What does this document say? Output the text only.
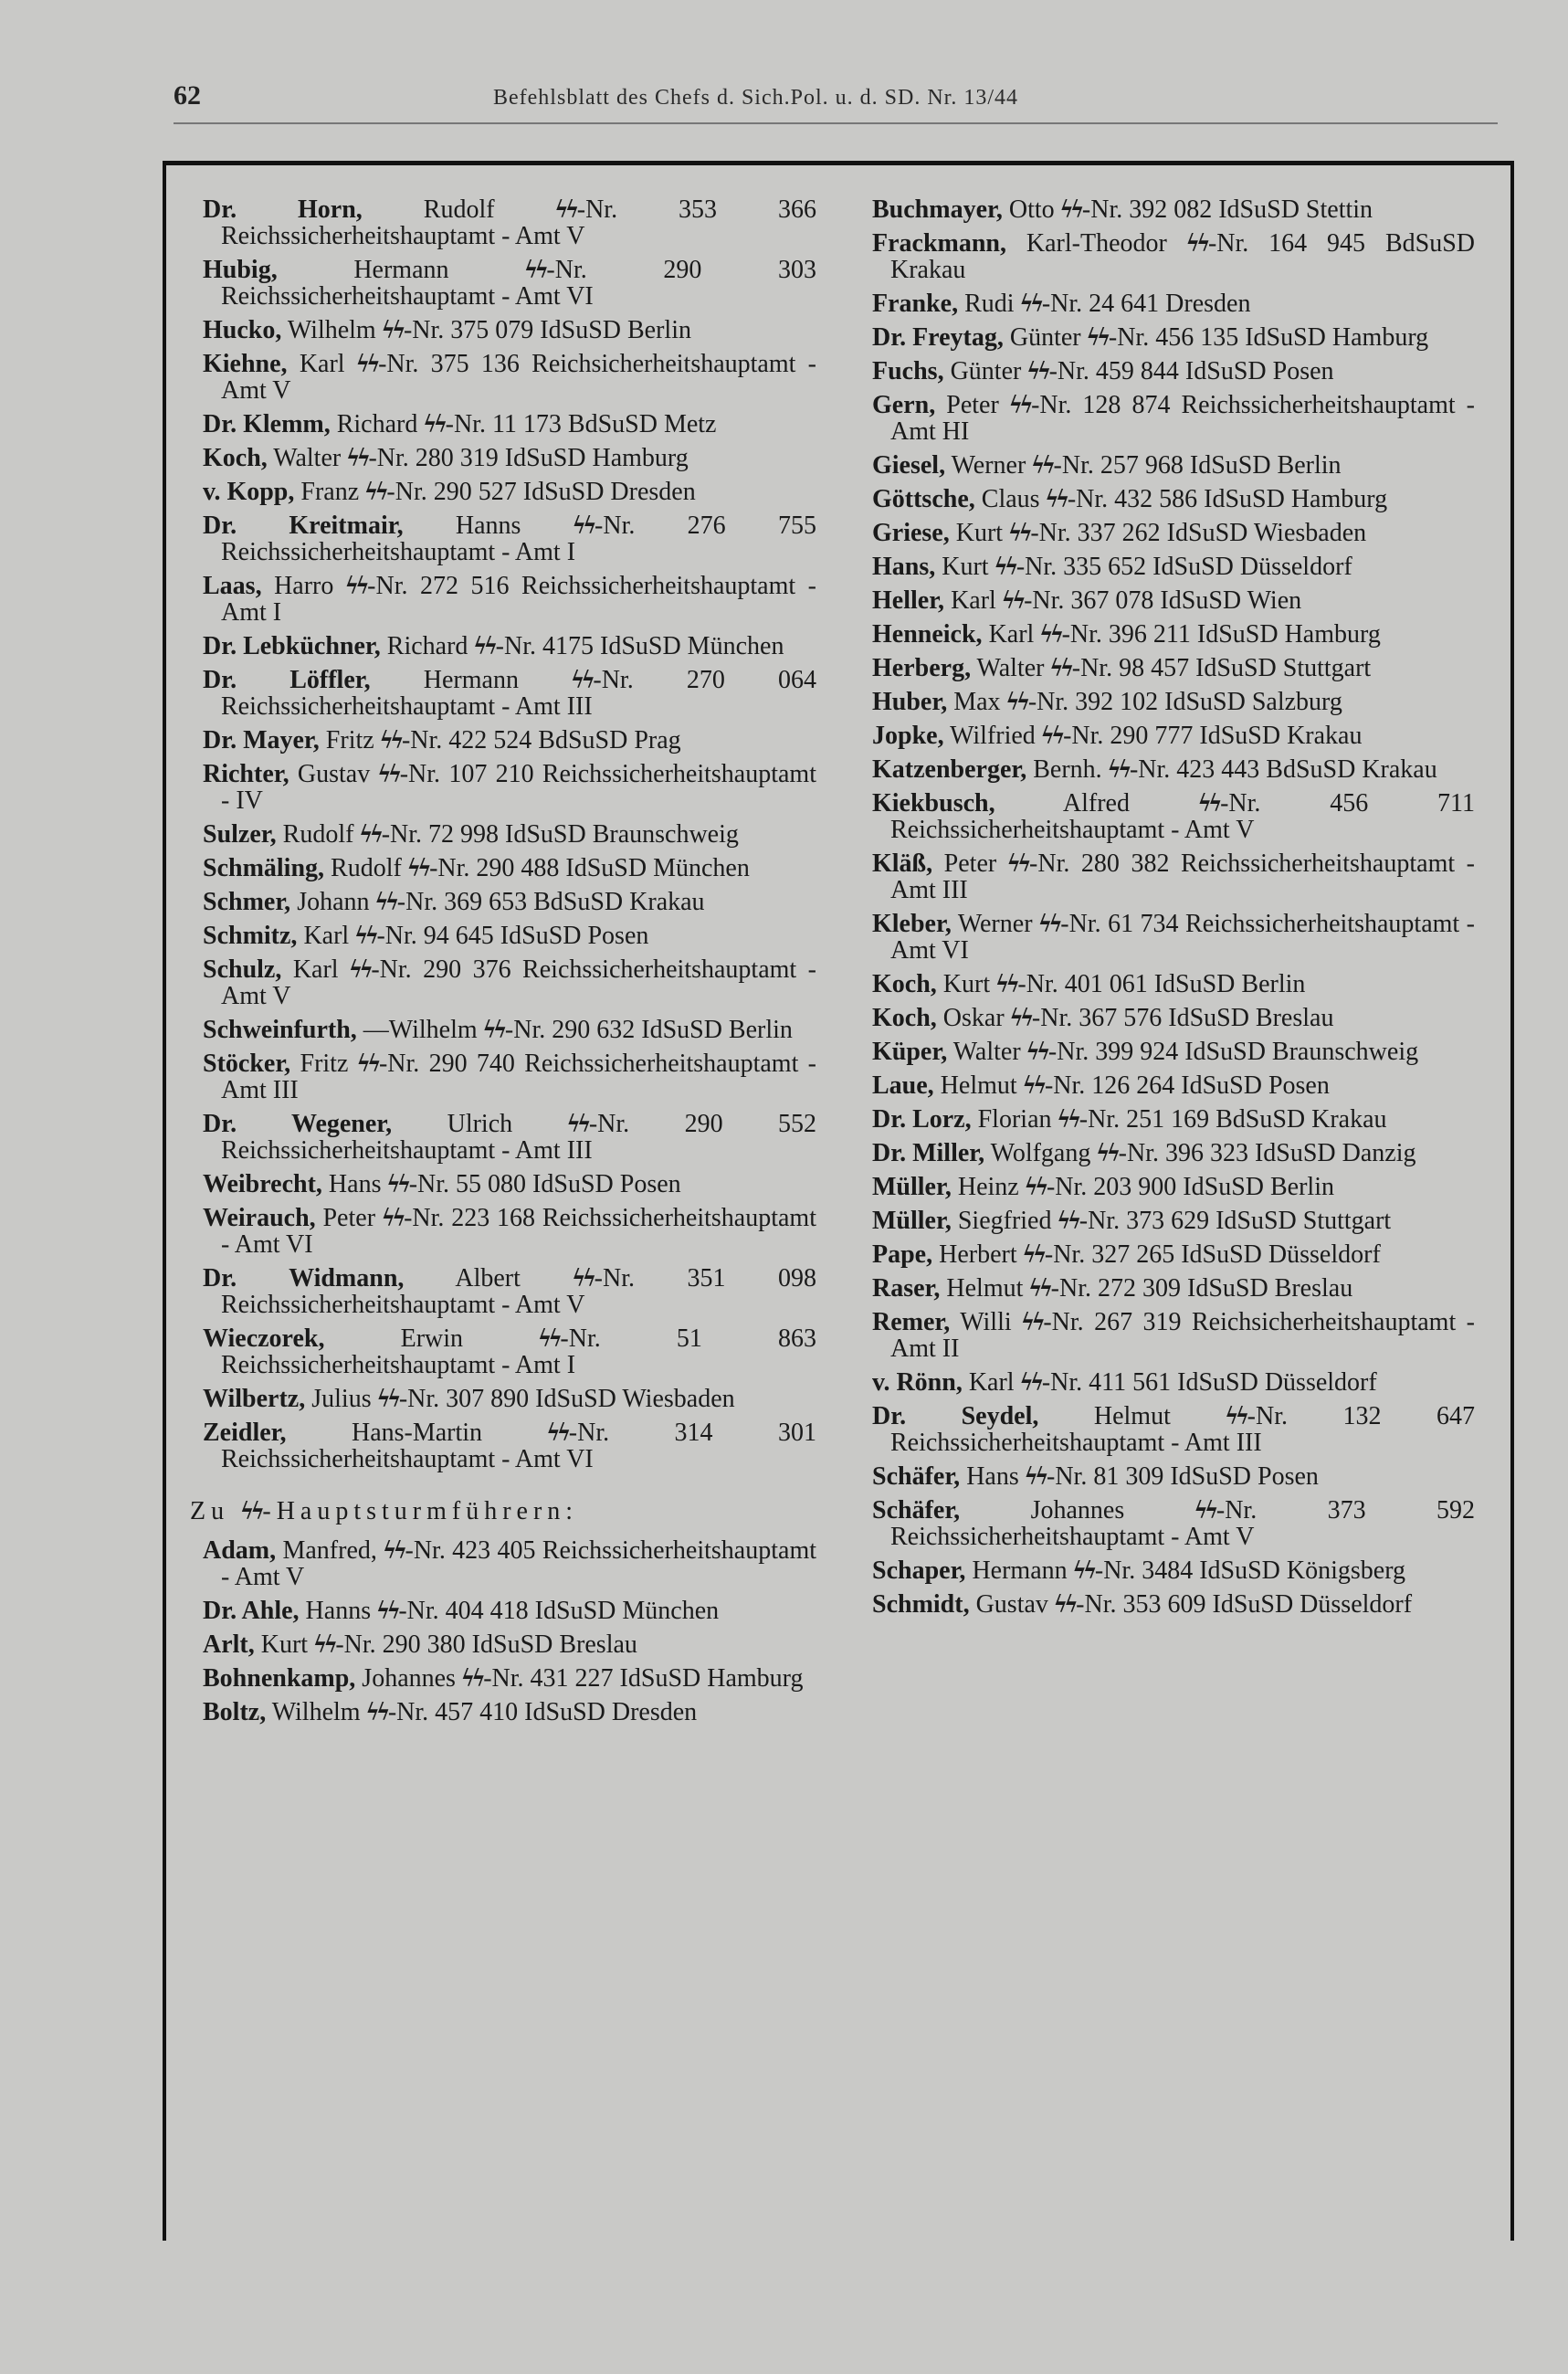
62	Befehlsblatt des Chefs d. Sich.Pol. u. d. SD. Nr. 13/44

Dr. Horn, Rudolf ϟϟ-Nr. 353 366 Reichssicherheitshauptamt - Amt V

Hubig, Hermann ϟϟ-Nr. 290 303 Reichssicherheitshauptamt - Amt VI

Hucko, Wilhelm ϟϟ-Nr. 375 079 IdSuSD Berlin

Kiehne, Karl ϟϟ-Nr. 375 136 Reichsicherheitshauptamt - Amt V

Dr. Klemm, Richard ϟϟ-Nr. 11 173 BdSuSD Metz

Koch, Walter ϟϟ-Nr. 280 319 IdSuSD Hamburg

v. Kopp, Franz ϟϟ-Nr. 290 527 IdSuSD Dresden

Dr. Kreitmair, Hanns ϟϟ-Nr. 276 755 Reichssicherheitshauptamt - Amt I

Laas, Harro ϟϟ-Nr. 272 516 Reichssicherheitshauptamt - Amt I

Dr. Lebküchner, Richard ϟϟ-Nr. 4175 IdSuSD München

Dr. Löffler, Hermann ϟϟ-Nr. 270 064 Reichssicherheitshauptamt - Amt III

Dr. Mayer, Fritz ϟϟ-Nr. 422 524 BdSuSD Prag

Richter, Gustav ϟϟ-Nr. 107 210 Reichssicherheitshauptamt - IV

Sulzer, Rudolf ϟϟ-Nr. 72 998 IdSuSD Braunschweig

Schmäling, Rudolf ϟϟ-Nr. 290 488 IdSuSD München

Schmer, Johann ϟϟ-Nr. 369 653 BdSuSD Krakau

Schmitz, Karl ϟϟ-Nr. 94 645 IdSuSD Posen

Schulz, Karl ϟϟ-Nr. 290 376 Reichssicherheitshauptamt - Amt V

Schweinfurth, —Wilhelm ϟϟ-Nr. 290 632 IdSuSD Berlin

Stöcker, Fritz ϟϟ-Nr. 290 740 Reichssicherheitshauptamt - Amt III

Dr. Wegener, Ulrich ϟϟ-Nr. 290 552 Reichssicherheitshauptamt - Amt III

Weibrecht, Hans ϟϟ-Nr. 55 080 IdSuSD Posen

Weirauch, Peter ϟϟ-Nr. 223 168 Reichssicherheitshauptamt - Amt VI

Dr. Widmann, Albert ϟϟ-Nr. 351 098 Reichssicherheitshauptamt - Amt V

Wieczorek, Erwin ϟϟ-Nr. 51 863 Reichssicherheitshauptamt - Amt I

Wilbertz, Julius ϟϟ-Nr. 307 890 IdSuSD Wiesbaden

Zeidler, Hans-Martin ϟϟ-Nr. 314 301 Reichssicherheitshauptamt - Amt VI

Zu ϟϟ-Hauptsturmführern:

Adam, Manfred, ϟϟ-Nr. 423 405 Reichssicherheitshauptamt - Amt V

Dr. Ahle, Hanns ϟϟ-Nr. 404 418 IdSuSD München

Arlt, Kurt ϟϟ-Nr. 290 380 IdSuSD Breslau

Bohnenkamp, Johannes ϟϟ-Nr. 431 227 IdSuSD Hamburg

Boltz, Wilhelm ϟϟ-Nr. 457 410 IdSuSD Dresden

Buchmayer, Otto ϟϟ-Nr. 392 082 IdSuSD Stettin

Frackmann, Karl-Theodor ϟϟ-Nr. 164 945 BdSuSD Krakau

Franke, Rudi ϟϟ-Nr. 24 641 Dresden

Dr. Freytag, Günter ϟϟ-Nr. 456 135 IdSuSD Hamburg

Fuchs, Günter ϟϟ-Nr. 459 844 IdSuSD Posen

Gern, Peter ϟϟ-Nr. 128 874 Reichssicherheitshauptamt - Amt HI

Giesel, Werner ϟϟ-Nr. 257 968 IdSuSD Berlin

Göttsche, Claus ϟϟ-Nr. 432 586 IdSuSD Hamburg

Griese, Kurt ϟϟ-Nr. 337 262 IdSuSD Wiesbaden

Hans, Kurt ϟϟ-Nr. 335 652 IdSuSD Düsseldorf

Heller, Karl ϟϟ-Nr. 367 078 IdSuSD Wien

Henneick, Karl ϟϟ-Nr. 396 211 IdSuSD Hamburg

Herberg, Walter ϟϟ-Nr. 98 457 IdSuSD Stuttgart

Huber, Max ϟϟ-Nr. 392 102 IdSuSD Salzburg

Jopke, Wilfried ϟϟ-Nr. 290 777 IdSuSD Krakau

Katzenberger, Bernh. ϟϟ-Nr. 423 443 BdSuSD Krakau

Kiekbusch, Alfred ϟϟ-Nr. 456 711 Reichssicherheitshauptamt - Amt V

Kläß, Peter ϟϟ-Nr. 280 382 Reichssicherheitshauptamt - Amt III

Kleber, Werner ϟϟ-Nr. 61 734 Reichssicherheitshauptamt - Amt VI

Koch, Kurt ϟϟ-Nr. 401 061 IdSuSD Berlin

Koch, Oskar ϟϟ-Nr. 367 576 IdSuSD Breslau

Küper, Walter ϟϟ-Nr. 399 924 IdSuSD Braunschweig

Laue, Helmut ϟϟ-Nr. 126 264 IdSuSD Posen

Dr. Lorz, Florian ϟϟ-Nr. 251 169 BdSuSD Krakau

Dr. Miller, Wolfgang ϟϟ-Nr. 396 323 IdSuSD Danzig

Müller, Heinz ϟϟ-Nr. 203 900 IdSuSD Berlin

Müller, Siegfried ϟϟ-Nr. 373 629 IdSuSD Stuttgart

Pape, Herbert ϟϟ-Nr. 327 265 IdSuSD Düsseldorf

Raser, Helmut ϟϟ-Nr. 272 309 IdSuSD Breslau

Remer, Willi ϟϟ-Nr. 267 319 Reichsicherheitshauptamt - Amt II

v. Rönn, Karl ϟϟ-Nr. 411 561 IdSuSD Düsseldorf

Dr. Seydel, Helmut ϟϟ-Nr. 132 647 Reichssicherheitshauptamt - Amt III

Schäfer, Hans ϟϟ-Nr. 81 309 IdSuSD Posen

Schäfer, Johannes ϟϟ-Nr. 373 592 Reichssicherheitshauptamt - Amt V

Schaper, Hermann ϟϟ-Nr. 3484 IdSuSD Königsberg

Schmidt, Gustav ϟϟ-Nr. 353 609 IdSuSD Düsseldorf
